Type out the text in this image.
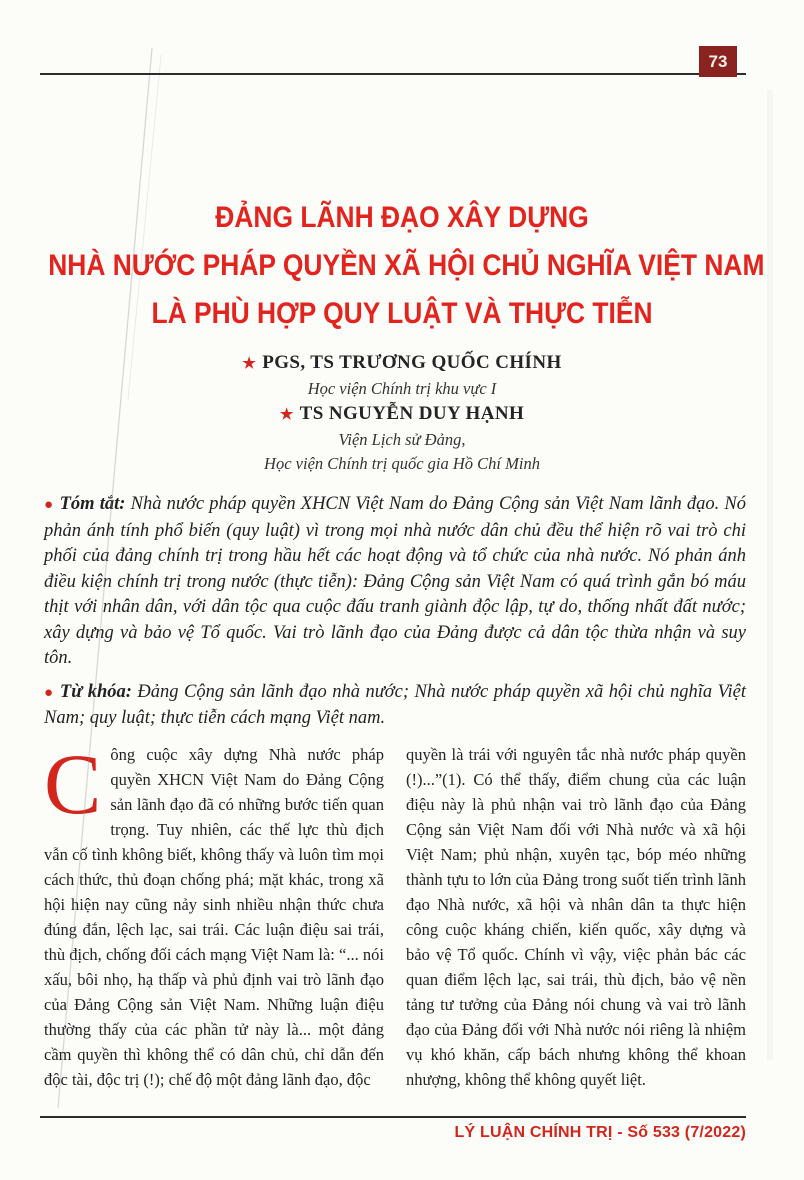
73
ĐẢNG LÃNH ĐẠO XÂY DỰNG
NHÀ NƯỚC PHÁP QUYỀN XÃ HỘI CHỦ NGHĨA VIỆT NAM
LÀ PHÙ HỢP QUY LUẬT VÀ THỰC TIỄN
★ PGS, TS TRƯƠNG QUỐC CHÍNH
Học viện Chính trị khu vực I
★ TS NGUYỄN DUY HẠNH
Viện Lịch sử Đảng,
Học viện Chính trị quốc gia Hồ Chí Minh
● Tóm tắt: Nhà nước pháp quyền XHCN Việt Nam do Đảng Cộng sản Việt Nam lãnh đạo. Nó phản ánh tính phổ biến (quy luật) vì trong mọi nhà nước dân chủ đều thể hiện rõ vai trò chi phối của đảng chính trị trong hầu hết các hoạt động và tổ chức của nhà nước. Nó phản ánh điều kiện chính trị trong nước (thực tiễn): Đảng Cộng sản Việt Nam có quá trình gắn bó máu thịt với nhân dân, với dân tộc qua cuộc đấu tranh giành độc lập, tự do, thống nhất đất nước; xây dựng và bảo vệ Tổ quốc. Vai trò lãnh đạo của Đảng được cả dân tộc thừa nhận và suy tôn.
● Từ khóa: Đảng Cộng sản lãnh đạo nhà nước; Nhà nước pháp quyền xã hội chủ nghĩa Việt Nam; quy luật; thực tiễn cách mạng Việt nam.
Công cuộc xây dựng Nhà nước pháp quyền XHCN Việt Nam do Đảng Cộng sản lãnh đạo đã có những bước tiến quan trọng. Tuy nhiên, các thế lực thù địch vẫn cố tình không biết, không thấy và luôn tìm mọi cách thức, thủ đoạn chống phá; mặt khác, trong xã hội hiện nay cũng nảy sinh nhiều nhận thức chưa đúng đắn, lệch lạc, sai trái. Các luận điệu sai trái, thù địch, chống đối cách mạng Việt Nam là: “... nói xấu, bôi nhọ, hạ thấp và phủ định vai trò lãnh đạo của Đảng Cộng sản Việt Nam. Những luận điệu thường thấy của các phần tử này là... một đảng cầm quyền thì không thể có dân chủ, chỉ dẫn đến độc tài, độc trị (!); chế độ một đảng lãnh đạo, độc
quyền là trái với nguyên tắc nhà nước pháp quyền (!)...”(1). Có thể thấy, điểm chung của các luận điệu này là phủ nhận vai trò lãnh đạo của Đảng Cộng sản Việt Nam đối với Nhà nước và xã hội Việt Nam; phủ nhận, xuyên tạc, bóp méo những thành tựu to lớn của Đảng trong suốt tiến trình lãnh đạo Nhà nước, xã hội và nhân dân ta thực hiện công cuộc kháng chiến, kiến quốc, xây dựng và bảo vệ Tổ quốc. Chính vì vậy, việc phản bác các quan điểm lệch lạc, sai trái, thù địch, bảo vệ nền tảng tư tưởng của Đảng nói chung và vai trò lãnh đạo của Đảng đối với Nhà nước nói riêng là nhiệm vụ khó khăn, cấp bách nhưng không thể khoan nhượng, không thể không quyết liệt.
LÝ LUẬN CHÍNH TRỊ - Số 533 (7/2022)
